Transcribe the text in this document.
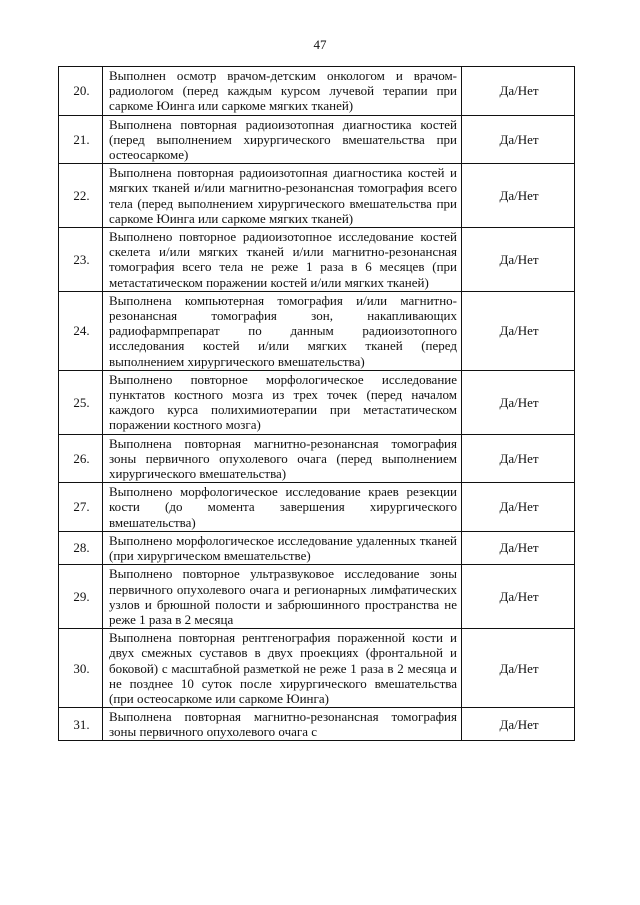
47
20.	Выполнен осмотр врачом-детским онкологом и врачом-радиологом (перед каждым курсом лучевой терапии при саркоме Юинга или саркоме мягких тканей)	Да/Нет
21.	Выполнена повторная радиоизотопная диагностика костей (перед выполнением хирургического вмешательства при остеосаркоме)	Да/Нет
22.	Выполнена повторная радиоизотопная диагностика костей и мягких тканей и/или магнитно-резонансная томография всего тела (перед выполнением хирургического вмешательства при саркоме Юинга или саркоме мягких тканей)	Да/Нет
23.	Выполнено повторное радиоизотопное исследование костей скелета и/или мягких тканей и/или магнитно-резонансная томография всего тела не реже 1 раза в 6 месяцев (при метастатическом поражении костей и/или мягких тканей)	Да/Нет
24.	Выполнена компьютерная томография и/или магнитно-резонансная томография зон, накапливающих радиофармпрепарат по данным радиоизотопного исследования костей и/или мягких тканей (перед выполнением хирургического вмешательства)	Да/Нет
25.	Выполнено повторное морфологическое исследование пунктатов костного мозга из трех точек (перед началом каждого курса полихимиотерапии при метастатическом поражении костного мозга)	Да/Нет
26.	Выполнена повторная магнитно-резонансная томография зоны первичного опухолевого очага (перед выполнением хирургического вмешательства)	Да/Нет
27.	Выполнено морфологическое исследование краев резекции кости (до момента завершения хирургического вмешательства)	Да/Нет
28.	Выполнено морфологическое исследование удаленных тканей (при хирургическом вмешательстве)	Да/Нет
29.	Выполнено повторное ультразвуковое исследование зоны первичного опухолевого очага и регионарных лимфатических узлов и брюшной полости и забрюшинного пространства не реже 1 раза в 2 месяца	Да/Нет
30.	Выполнена повторная рентгенография пораженной кости и двух смежных суставов в двух проекциях (фронтальной и боковой) с масштабной разметкой не реже 1 раза в 2 месяца и не позднее 10 суток после хирургического вмешательства (при остеосаркоме или саркоме Юинга)	Да/Нет
31.	Выполнена повторная магнитно-резонансная томография зоны первичного опухолевого очага с	Да/Нет
